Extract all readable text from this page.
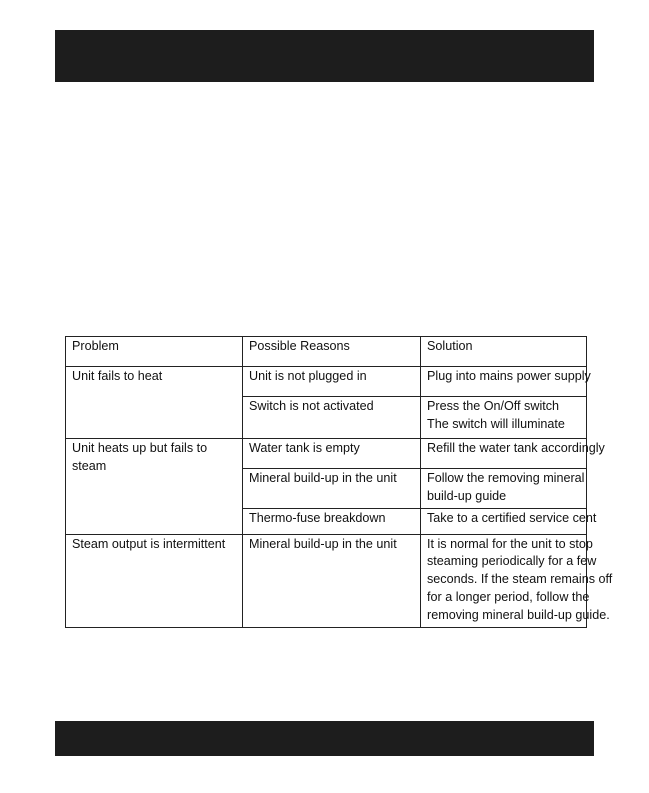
Problem	Possible Reasons	Solution

Unit fails to heat	Unit is not plugged in	Plug into mains power supply

	Switch is not activated	Press the On/Off switch
The switch will illuminate

Unit heats up but fails to
steam	Water tank is empty	Refill the water tank accordingly

	Mineral build-up in the unit	Follow the removing mineral
build-up guide

	Thermo-fuse breakdown	Take to a certified service cent

Steam output is intermittent	Mineral build-up in the unit	It is normal for the unit to stop
steaming periodically for a few
seconds. If the steam remains off
for a longer period, follow the
removing mineral build-up guide.
